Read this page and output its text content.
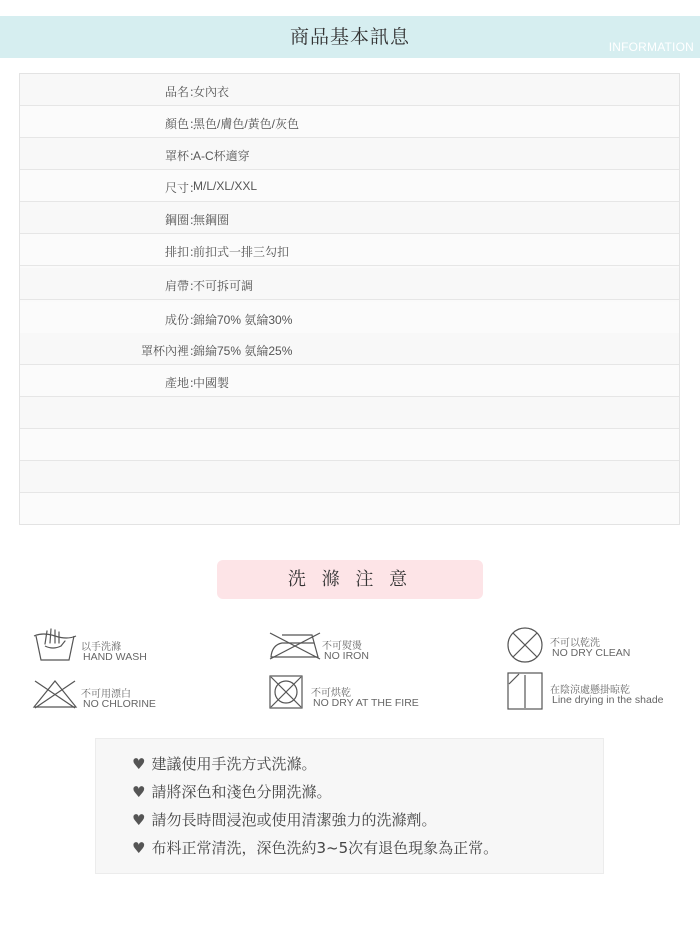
商品基本訊息	INFORMATION
品名：
女內衣
顏色：
黑色/膚色/黃色/灰色
罩杯：
A-C杯適穿
尺寸：
M/L/XL/XXL
鋼圈：
無鋼圈
排扣：
前扣式一排三勾扣
肩帶：
不可拆可調
成份：
錦綸70% 氨綸30%
罩杯內裡：
錦綸75% 氨綸25%
產地：
中國製
洗 滌 注 意
以手洗滌
HAND WASH
不可熨燙
NO IRON
不可以乾洗
NO DRY CLEAN
不可用漂白
NO CHLORINE
不可烘乾
NO DRY AT THE FIRE
在陰涼處懸掛晾乾
Line drying in the shade
♥ 建議使用手洗方式洗滌。
♥ 請將深色和淺色分開洗滌。
♥ 請勿長時間浸泡或使用清潔強力的洗滌劑。
♥ 布料正常清洗，深色洗約3~5次有退色現象為正常。
